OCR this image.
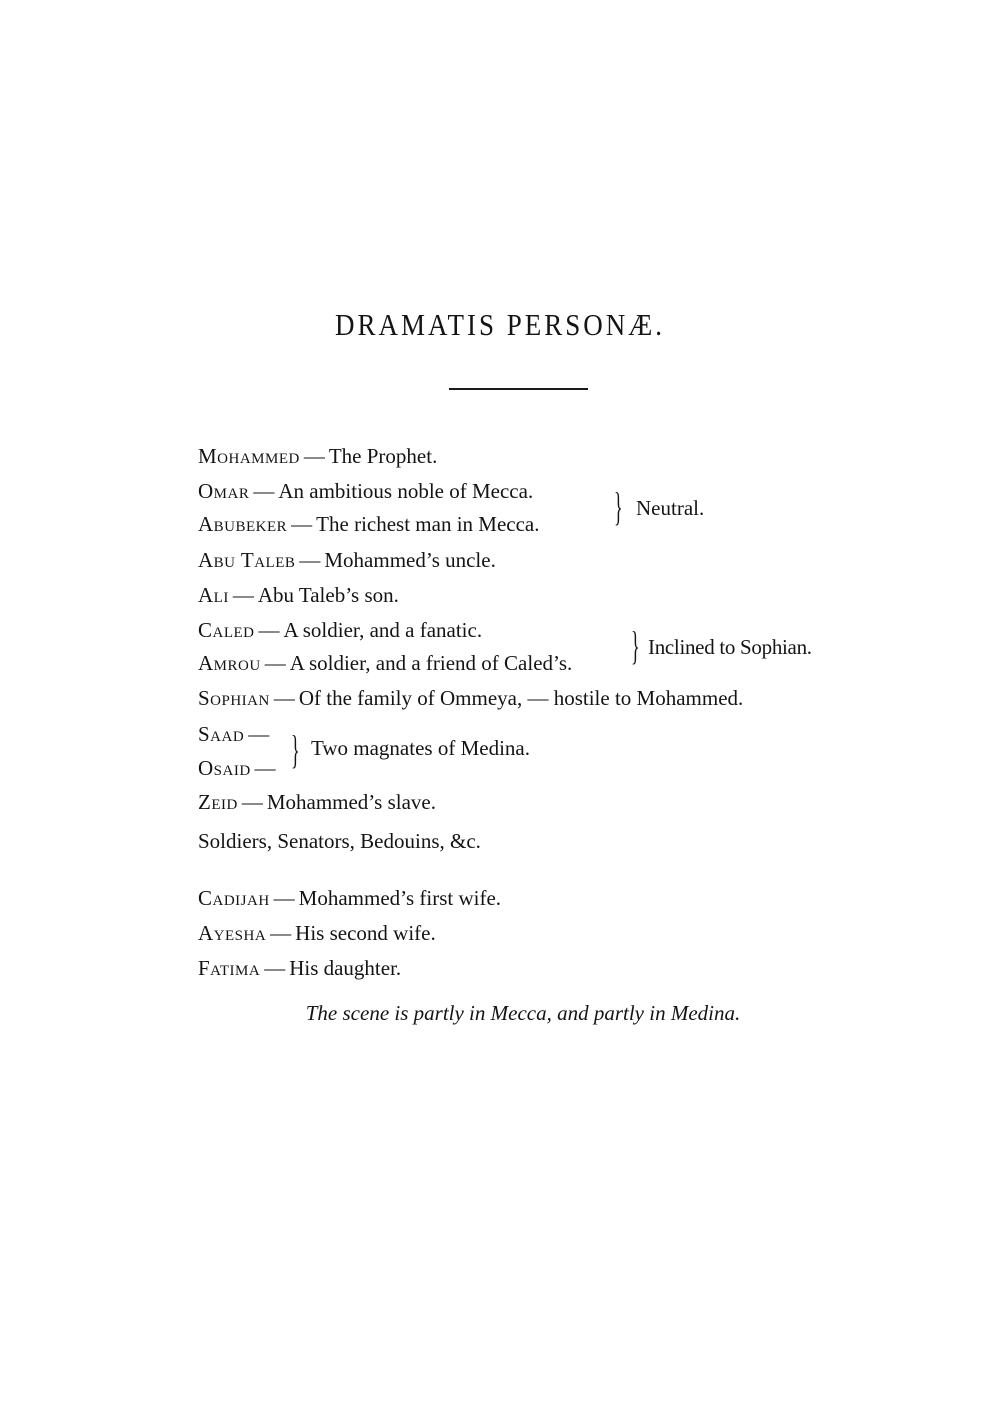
DRAMATIS PERSONÆ.
Mohammed — The Prophet.
Omar — An ambitious noble of Mecca.
Abubeker — The richest man in Mecca. } Neutral.
Abu Taleb — Mohammed’s uncle.
Ali — Abu Taleb’s son.
Caled — A soldier, and a fanatic.
Amrou — A soldier, and a friend of Caled’s. } Inclined to Sophian.
Sophian — Of the family of Ommeya, — hostile to Mohammed.
Saad —
Osaid — } Two magnates of Medina.
Zeid — Mohammed’s slave.
Soldiers, Senators, Bedouins, &c.
Cadijah — Mohammed’s first wife.
Ayesha — His second wife.
Fatima — His daughter.
The scene is partly in Mecca, and partly in Medina.
